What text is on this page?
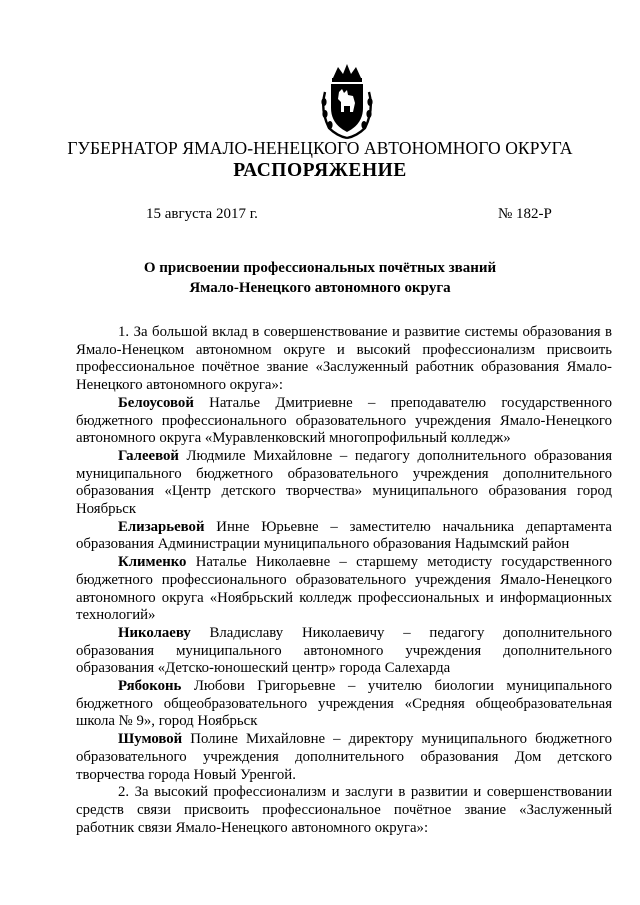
ГУБЕРНАТОР ЯМАЛО-НЕНЕЦКОГО АВТОНОМНОГО ОКРУГА
РАСПОРЯЖЕНИЕ
15 августа 2017 г.	№ 182-Р
О присвоении профессиональных почётных званий
Ямало-Ненецкого автономного округа

1. За большой вклад в совершенствование и развитие системы образования в Ямало-Ненецком автономном округе и высокий профессионализм присвоить профессиональное почётное звание «Заслуженный работник образования Ямало-Ненецкого автономного округа»:

Белоусовой Наталье Дмитриевне – преподавателю государственного бюджетного профессионального образовательного учреждения Ямало-Ненецкого автономного округа «Муравленковский многопрофильный колледж»

Галеевой Людмиле Михайловне – педагогу дополнительного образования муниципального бюджетного образовательного учреждения дополнительного образования «Центр детского творчества» муниципального образования город Ноябрьск

Елизарьевой Инне Юрьевне – заместителю начальника департамента образования Администрации муниципального образования Надымский район

Клименко Наталье Николаевне – старшему методисту государственного бюджетного профессионального образовательного учреждения Ямало-Ненецкого автономного округа «Ноябрьский колледж профессиональных и информационных технологий»

Николаеву Владиславу Николаевичу – педагогу дополнительного образования муниципального автономного учреждения дополнительного образования «Детско-юношеский центр» города Салехарда

Рябоконь Любови Григорьевне – учителю биологии муниципального бюджетного общеобразовательного учреждения «Средняя общеобразовательная школа № 9», город Ноябрьск

Шумовой Полине Михайловне – директору муниципального бюджетного образовательного учреждения дополнительного образования Дом детского творчества города Новый Уренгой.

2. За высокий профессионализм и заслуги в развитии и совершенствовании средств связи присвоить профессиональное почётное звание «Заслуженный работник связи Ямало-Ненецкого автономного округа»:
